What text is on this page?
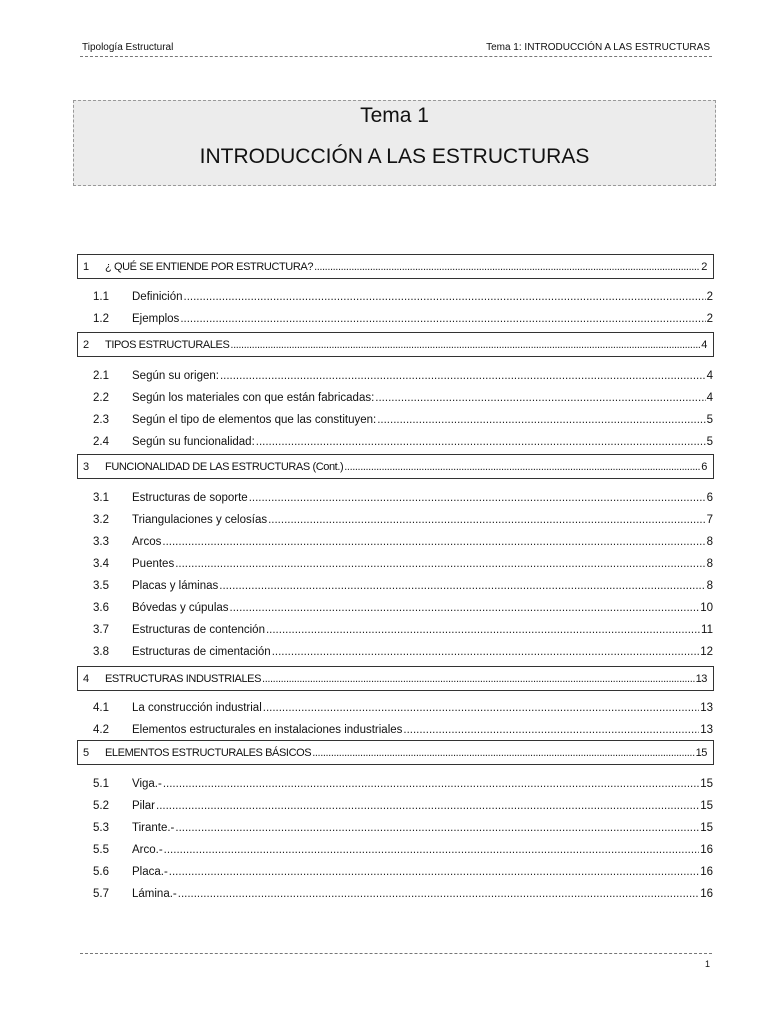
Tipología Estructural	Tema 1: INTRODUCCIÓN A LAS ESTRUCTURAS
Tema 1
INTRODUCCIÓN A LAS ESTRUCTURAS
1	¿ QUÉ SE ENTIENDE POR ESTRUCTURA? .....	2
1.1	Definición .....	2
1.2	Ejemplos .....	2
2	TIPOS ESTRUCTURALES .....	4
2.1	Según su origen: .....	4
2.2	Según los materiales con que están fabricadas: .....	4
2.3	Según el tipo de elementos que las constituyen: .....	5
2.4	Según su funcionalidad: .....	5
3	FUNCIONALIDAD DE LAS ESTRUCTURAS (Cont.) .....	6
3.1	Estructuras de soporte .....	6
3.2	Triangulaciones y celosías .....	7
3.3	Arcos .....	8
3.4	Puentes .....	8
3.5	Placas y láminas .....	8
3.6	Bóvedas y cúpulas .....	10
3.7	Estructuras de contención .....	11
3.8	Estructuras de cimentación .....	12
4	ESTRUCTURAS INDUSTRIALES .....	13
4.1	La construcción industrial .....	13
4.2	Elementos estructurales en instalaciones industriales .....	13
5	ELEMENTOS ESTRUCTURALES BÁSICOS .....	15
5.1	Viga.- .....	15
5.2	Pilar .....	15
5.3	Tirante.- .....	15
5.5	Arco.- .....	16
5.6	Placa.- .....	16
5.7	Lámina.- .....	16
1
